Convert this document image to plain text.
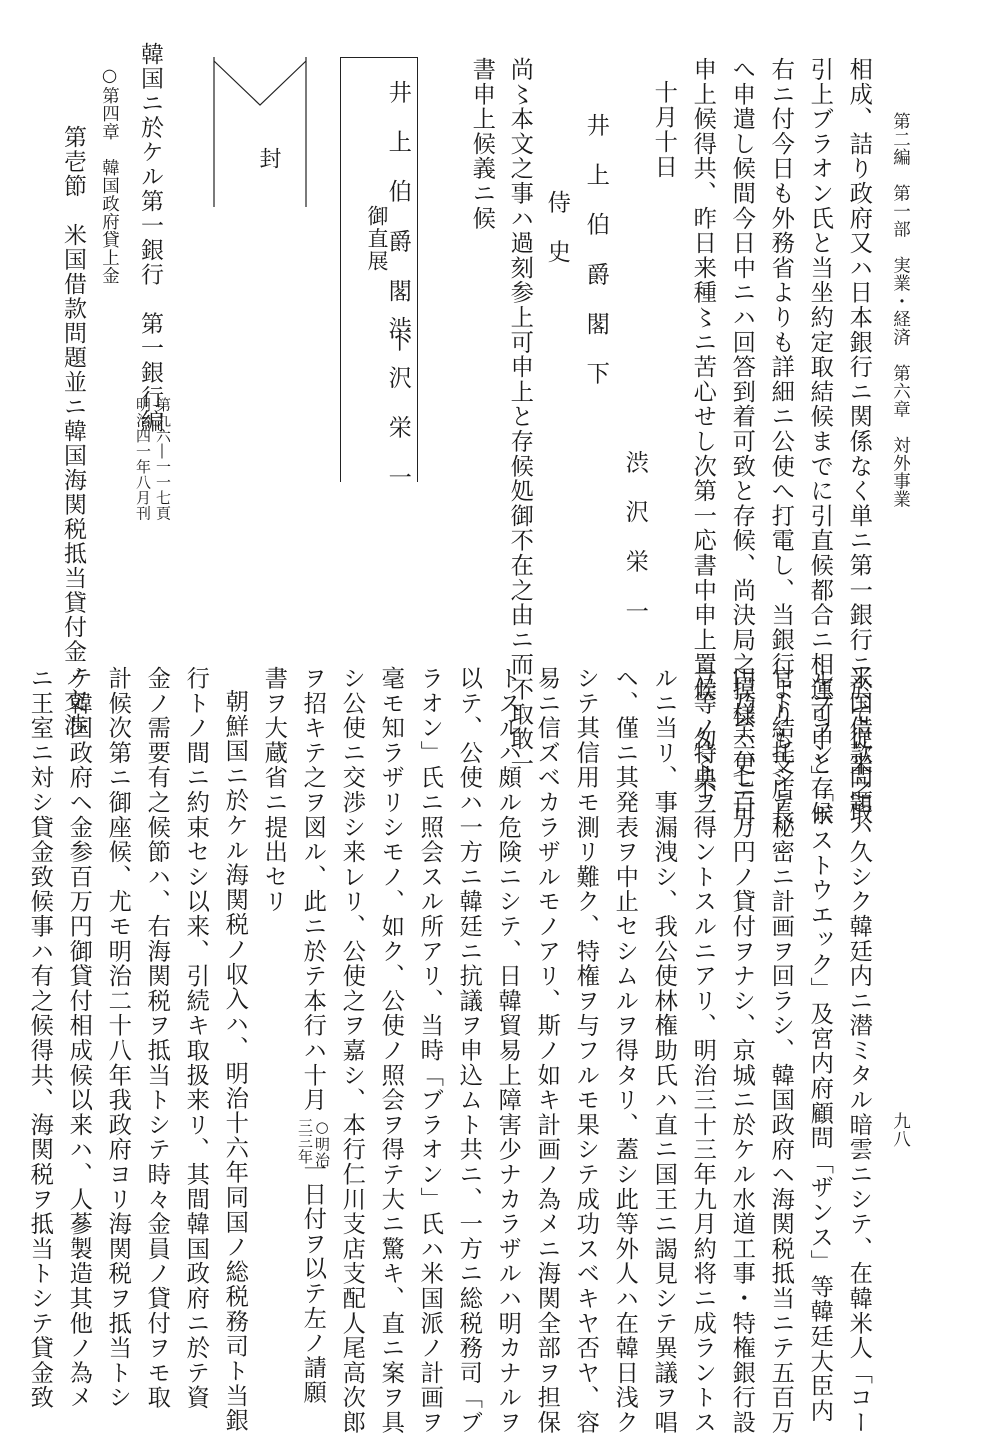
第二編　第一部　実業・経済　第六章　対外事業
九八
相成、詰り政府又ハ日本銀行ニ関係なく単ニ第一銀行ニ於て従来之取
引上ブラオン氏と当坐約定取結候までに引直候都合ニ相運可申と存候
右ニ付今日も外務省よりも詳細ニ公使へ打電し、当銀行よりも支店長
へ申遣し候間今日中ニハ回答到着可致と存候、尚決局之摸様ハ更ニ可
申上候得共、昨日来種〻ニ苦心せし次第一応書中申上置候　匆〻不一
十月十日
渋　沢　栄　一
井　上　伯　爵　閣　下
侍　史
尚〻本文之事ハ過刻参上可申上と存候処御不在之由ニ而不取敢一
書申上候義ニ候
井　上　伯　爵　閣　下
御直展
渋　沢　栄　一
封
韓国ニ於ケル第一銀行　第一銀行編
第九六―一一七頁
明治四一年八月刊
○第四章　韓国政府貸上金
第壱節　米国借款問題並ニ韓国海関税抵当貸付金ノ交渉
米国借款問題ハ久シク韓廷内ニ潜ミタル暗雲ニシテ、在韓米人「コー
ルブラン」「ボストウエック」及宮内府顧問「ザンス」等韓廷大臣内
官ト結托シテ秘密ニ計画ヲ回ラシ、韓国政府ヘ海関税抵当ニテ五百万
円乃至六七百万円ノ貸付ヲナシ、京城ニ於ケル水道工事・特権銀行設
立等ノ特典ヲ得ントスルニアリ、明治三十三年九月約将ニ成ラントス
ルニ当リ、事漏洩シ、我公使林権助氏ハ直ニ国王ニ謁見シテ異議ヲ唱
ヘ、僅ニ其発表ヲ中止セシムルヲ得タリ、蓋シ此等外人ハ在韓日浅ク
シテ其信用モ測リ難ク、特権ヲ与フルモ果シテ成功スベキヤ否ヤ、容
易ニ信ズベカラザルモノアリ、斯ノ如キ計画ノ為メニ海関全部ヲ担保
トスルハ頗ル危険ニシテ、日韓貿易上障害少ナカラザルハ明カナルヲ
以テ、公使ハ一方ニ韓廷ニ抗議ヲ申込ムト共ニ、一方ニ総税務司「ブ
ラオン」氏ニ照会スル所アリ、当時「ブラオン」氏ハ米国派ノ計画ヲ
毫モ知ラザリシモノ、如ク、公使ノ照会ヲ得テ大ニ驚キ、直ニ案ヲ具
シ公使ニ交渉シ来レリ、公使之ヲ嘉シ、本行仁川支店支配人尾高次郎
ヲ招キテ之ヲ図ル、此ニ於テ本行ハ十月
○明治
三三年
一日付ヲ以テ左ノ請願
書ヲ大蔵省ニ提出セリ
朝鮮国ニ於ケル海関税ノ収入ハ、明治十六年同国ノ総税務司ト当銀
行トノ間ニ約束セシ以来、引続キ取扱来リ、其間韓国政府ニ於テ資
金ノ需要有之候節ハ、右海関税ヲ抵当トシテ時々金員ノ貸付ヲモ取
計候次第ニ御座候、尤モ明治二十八年我政府ヨリ海関税ヲ抵当トシ
テ韓国政府ヘ金参百万円御貸付相成候以来ハ、人蔘製造其他ノ為メ
ニ王室ニ対シ貸金致候事ハ有之候得共、海関税ヲ抵当トシテ貸金致
